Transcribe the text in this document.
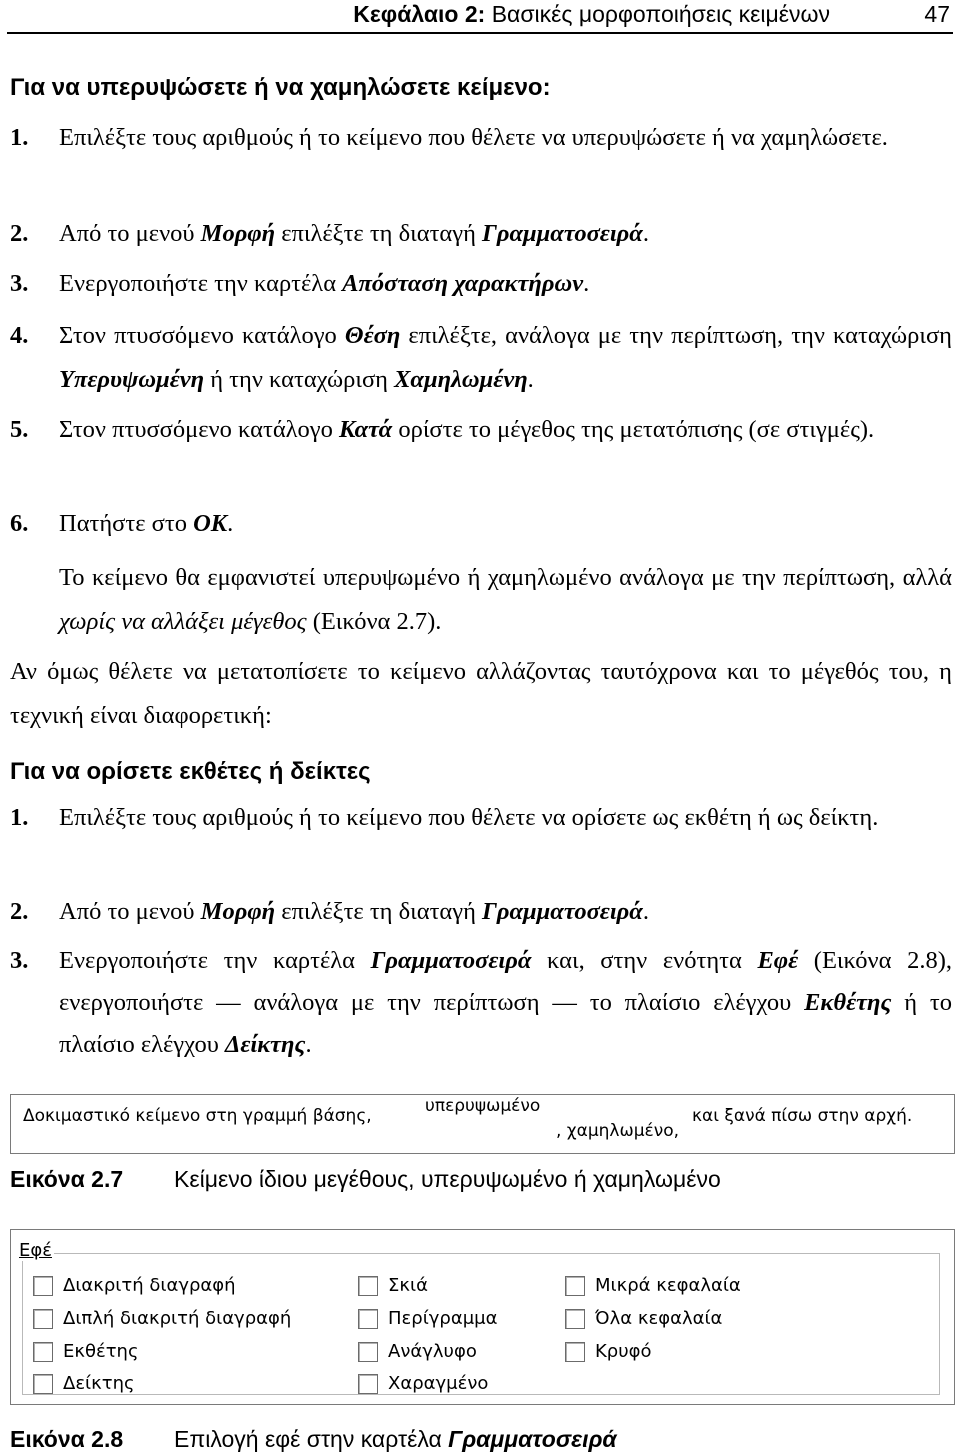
Κεφάλαιο 2: Βασικές μορφοποιήσεις κειμένων	47
Για να υπερυψώσετε ή να χαμηλώσετε κείμενο:
1. Επιλέξτε τους αριθμούς ή το κείμενο που θέλετε να υπερυψώσετε ή να χαμηλώσετε.
2. Από το μενού Μορφή επιλέξτε τη διαταγή Γραμματοσειρά.
3. Ενεργοποιήστε την καρτέλα Απόσταση χαρακτήρων.
4. Στον πτυσσόμενο κατάλογο Θέση επιλέξτε, ανάλογα με την περίπτωση, την καταχώριση Υπερυψωμένη ή την καταχώριση Χαμηλωμένη.
5. Στον πτυσσόμενο κατάλογο Κατά ορίστε το μέγεθος της μετατόπισης (σε στιγμές).
6. Πατήστε στο OK.
Το κείμενο θα εμφανιστεί υπερυψωμένο ή χαμηλωμένο ανάλογα με την περίπτωση, αλλά χωρίς να αλλάξει μέγεθος (Εικόνα 2.7).
Αν όμως θέλετε να μετατοπίσετε το κείμενο αλλάζοντας ταυτόχρονα και το μέγεθός του, η τεχνική είναι διαφορετική:
Για να ορίσετε εκθέτες ή δείκτες
1. Επιλέξτε τους αριθμούς ή το κείμενο που θέλετε να ορίσετε ως εκθέτη ή ως δείκτη.
2. Από το μενού Μορφή επιλέξτε τη διαταγή Γραμματοσειρά.
3. Ενεργοποιήστε την καρτέλα Γραμματοσειρά και, στην ενότητα Εφέ (Εικόνα 2.8), ενεργοποιήστε — ανάλογα με την περίπτωση — το πλαίσιο ελέγχου Εκθέτης ή το πλαίσιο ελέγχου Δείκτης.
Δοκιμαστικό κείμενο στη γραμμή βάσης,	υπερυψωμένο
, χαμηλωμένο,
και ξανά πίσω στην αρχή.
Εικόνα 2.7 Κείμενο ίδιου μεγέθους, υπερυψωμένο ή χαμηλωμένο
Εφέ
Διακριτή διαγραφή
Διπλή διακριτή διαγραφή
Εκθέτης
Δείκτης
Σκιά
Περίγραμμα
Ανάγλυφο
Χαραγμένο
Μικρά κεφαλαία
Όλα κεφαλαία
Κρυφό
Εικόνα 2.8 Επιλογή εφέ στην καρτέλα Γραμματοσειρά
